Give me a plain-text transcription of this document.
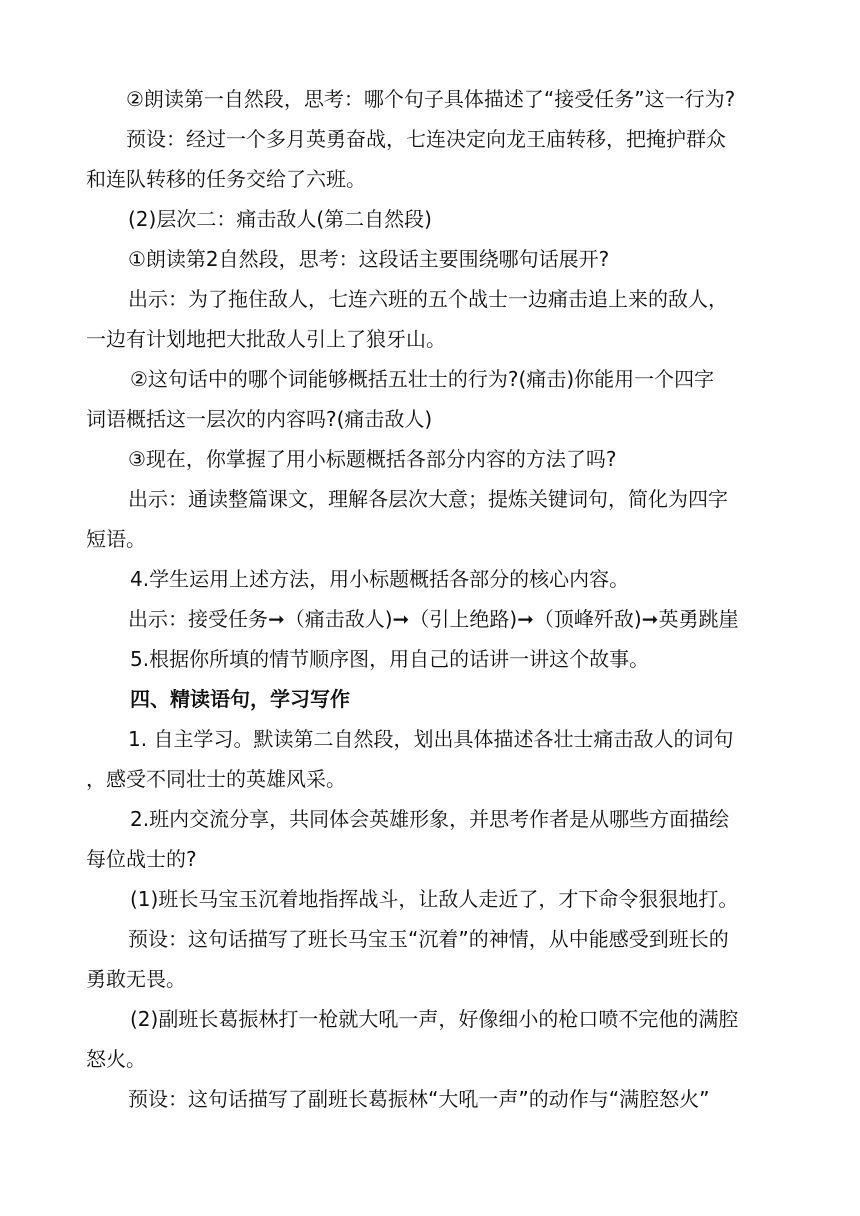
②朗读第一自然段，思考：哪个句子具体描述了“接受任务”这一行为?
预设：经过一个多月英勇奋战，七连决定向龙王庙转移，把掩护群众
和连队转移的任务交给了六班。
(2)层次二：痛击敌人(第二自然段)
①朗读第2自然段，思考：这段话主要围绕哪句话展开?
出示：为了拖住敌人，七连六班的五个战士一边痛击追上来的敌人，
一边有计划地把大批敌人引上了狼牙山。
②这句话中的哪个词能够概括五壮士的行为?(痛击)你能用一个四字
词语概括这一层次的内容吗?(痛击敌人)
③现在，你掌握了用小标题概括各部分内容的方法了吗?
出示：通读整篇课文，理解各层次大意；提炼关键词句，简化为四字
短语。
4.学生运用上述方法，用小标题概括各部分的核心内容。
出示：接受任务➞（痛击敌人)➞（引上绝路)➞（顶峰歼敌)➞英勇跳崖
5.根据你所填的情节顺序图，用自己的话讲一讲这个故事。
四、精读语句，学习写作
1. 自主学习。默读第二自然段，划出具体描述各壮士痛击敌人的词句
，感受不同壮士的英雄风采。
2.班内交流分享，共同体会英雄形象，并思考作者是从哪些方面描绘
每位战士的?
(1)班长马宝玉沉着地指挥战斗，让敌人走近了，才下命令狠狠地打。
预设：这句话描写了班长马宝玉“沉着”的神情，从中能感受到班长的
勇敢无畏。
(2)副班长葛振林打一枪就大吼一声，好像细小的枪口喷不完他的满腔
怒火。
预设：这句话描写了副班长葛振林“大吼一声”的动作与“满腔怒火”
